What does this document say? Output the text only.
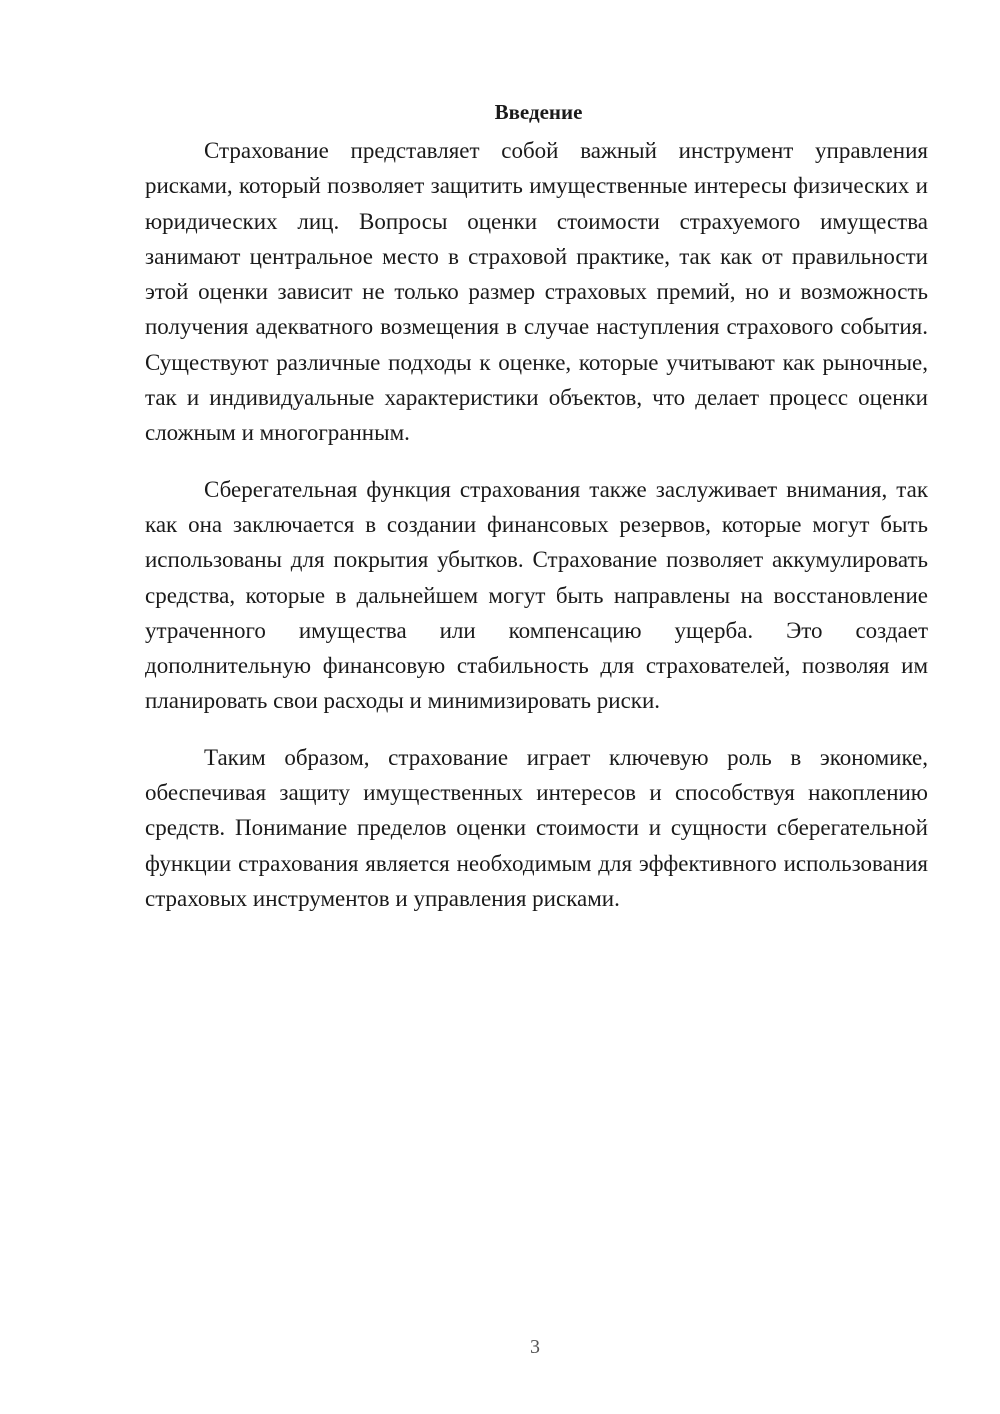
Введение

Страхование представляет собой важный инструмент управления рисками, который позволяет защитить имущественные интересы физических и юридических лиц. Вопросы оценки стоимости страхуемого имущества занимают центральное место в страховой практике, так как от правильности этой оценки зависит не только размер страховых премий, но и возможность получения адекватного возмещения в случае наступления страхового события. Существуют различные подходы к оценке, которые учитывают как рыночные, так и индивидуальные характеристики объектов, что делает процесс оценки сложным и многогранным.

Сберегательная функция страхования также заслуживает внимания, так как она заключается в создании финансовых резервов, которые могут быть использованы для покрытия убытков. Страхование позволяет аккумулировать средства, которые в дальнейшем могут быть направлены на восстановление утраченного имущества или компенсацию ущерба. Это создает дополнительную финансовую стабильность для страхователей, позволяя им планировать свои расходы и минимизировать риски.

Таким образом, страхование играет ключевую роль в экономике, обеспечивая защиту имущественных интересов и способствуя накоплению средств. Понимание пределов оценки стоимости и сущности сберегательной функции страхования является необходимым для эффективного использования страховых инструментов и управления рисками.

3
